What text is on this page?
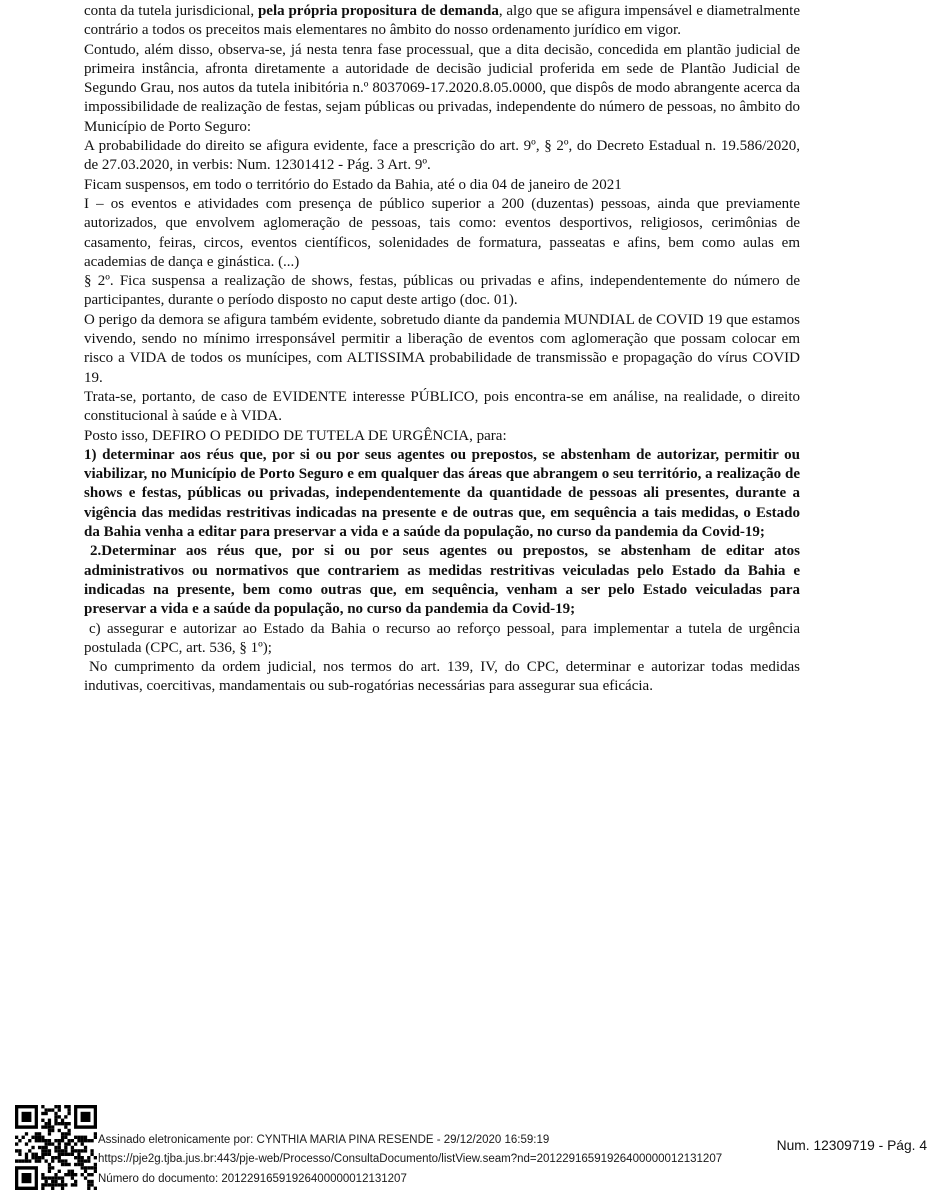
conta da tutela jurisdicional, pela própria propositura de demanda, algo que se afigura impensável e diametralmente contrário a todos os preceitos mais elementares no âmbito do nosso ordenamento jurídico em vigor.

Contudo, além disso, observa-se, já nesta tenra fase processual, que a dita decisão, concedida em plantão judicial de primeira instância, afronta diretamente a autoridade de decisão judicial proferida em sede de Plantão Judicial de Segundo Grau, nos autos da tutela inibitória n.º 8037069-17.2020.8.05.0000, que dispôs de modo abrangente acerca da impossibilidade de realização de festas, sejam públicas ou privadas, independente do número de pessoas, no âmbito do Município de Porto Seguro:

A probabilidade do direito se afigura evidente, face a prescrição do art. 9º, § 2º, do Decreto Estadual n. 19.586/2020, de 27.03.2020, in verbis: Num. 12301412 - Pág. 3 Art. 9º.

Ficam suspensos, em todo o território do Estado da Bahia, até o dia 04 de janeiro de 2021

I – os eventos e atividades com presença de público superior a 200 (duzentas) pessoas, ainda que previamente autorizados, que envolvem aglomeração de pessoas, tais como: eventos desportivos, religiosos, cerimônias de casamento, feiras, circos, eventos científicos, solenidades de formatura, passeatas e afins, bem como aulas em academias de dança e ginástica. (...)

§ 2º. Fica suspensa a realização de shows, festas, públicas ou privadas e afins, independentemente do número de participantes, durante o período disposto no caput deste artigo (doc. 01).

O perigo da demora se afigura também evidente, sobretudo diante da pandemia MUNDIAL de COVID 19 que estamos vivendo, sendo no mínimo irresponsável permitir a liberação de eventos com aglomeração que possam colocar em risco a VIDA de todos os munícipes, com ALTISSIMA probabilidade de transmissão e propagação do vírus COVID 19.

Trata-se, portanto, de caso de EVIDENTE interesse PÚBLICO, pois encontra-se em análise, na realidade, o direito constitucional à saúde e à VIDA.

Posto isso, DEFIRO O PEDIDO DE TUTELA DE URGÊNCIA, para:

1) determinar aos réus que, por si ou por seus agentes ou prepostos, se abstenham de autorizar, permitir ou viabilizar, no Município de Porto Seguro e em qualquer das áreas que abrangem o seu território, a realização de shows e festas, públicas ou privadas, independentemente da quantidade de pessoas ali presentes, durante a vigência das medidas restritivas indicadas na presente e de outras que, em sequência a tais medidas, o Estado da Bahia venha a editar para preservar a vida e a saúde da população, no curso da pandemia da Covid-19;

2.Determinar aos réus que, por si ou por seus agentes ou prepostos, se abstenham de editar atos administrativos ou normativos que contrariem as medidas restritivas veiculadas pelo Estado da Bahia e indicadas na presente, bem como outras que, em sequência, venham a ser pelo Estado veiculadas para preservar a vida e a saúde da população, no curso da pandemia da Covid-19;

c) assegurar e autorizar ao Estado da Bahia o recurso ao reforço pessoal, para implementar a tutela de urgência postulada (CPC, art. 536, § 1º);

No cumprimento da ordem judicial, nos termos do art. 139, IV, do CPC, determinar e autorizar todas medidas indutivas, coercitivas, mandamentais ou sub-rogatórias necessárias para assegurar sua eficácia.

Assinado eletronicamente por: CYNTHIA MARIA PINA RESENDE - 29/12/2020 16:59:19
https://pje2g.tjba.jus.br:443/pje-web/Processo/ConsultaDocumento/listView.seam?nd=20122916591926400000012131207
Número do documento: 20122916591926400000012131207
Num. 12309719 - Pág. 4
